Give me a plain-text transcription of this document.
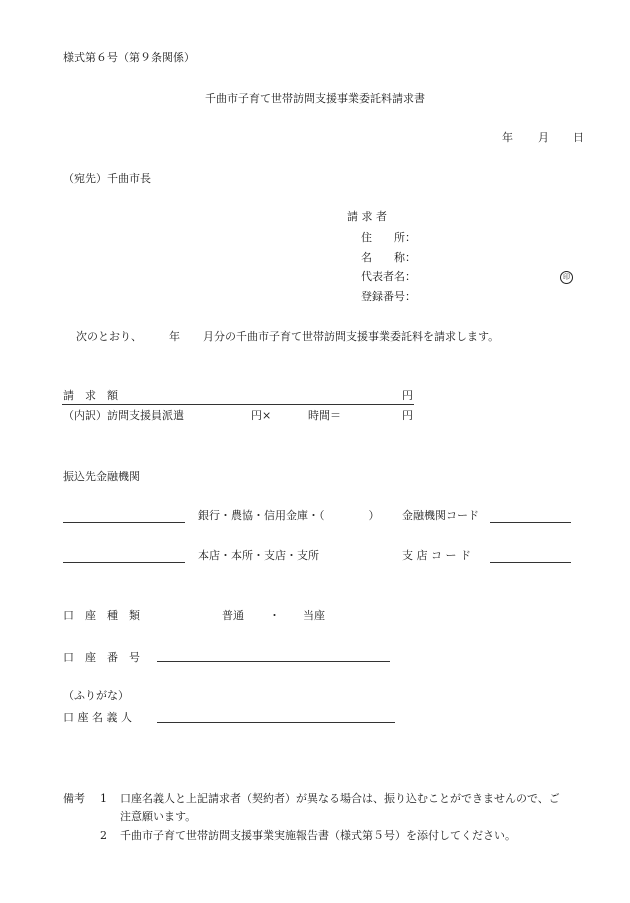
様式第６号（第９条関係）
千曲市子育て世帯訪問支援事業委託料請求書
年 月 日
（宛先）千曲市長
請 求 者
住　　所：
名　　称：
代表者名：	印
登録番号：
次のとおり、 年 月分の千曲市子育て世帯訪問支援事業委託料を請求します。
請　求　額	円
（内訳）訪問支援員派遣	円×	時間＝	円
振込先金融機関
銀行・農協・信用金庫・（　　　　） 金融機関コード
本店・本所・支店・支所	支 店 コ ー ド
口　座　種　類	普通 ・ 当座
口　座　番　号
（ふりがな）
口 座 名 義 人
備考 1 口座名義人と上記請求者（契約者）が異なる場合は、振り込むことができませんので、ご
注意願います。
2 千曲市子育て世帯訪問支援事業実施報告書（様式第５号）を添付してください。
